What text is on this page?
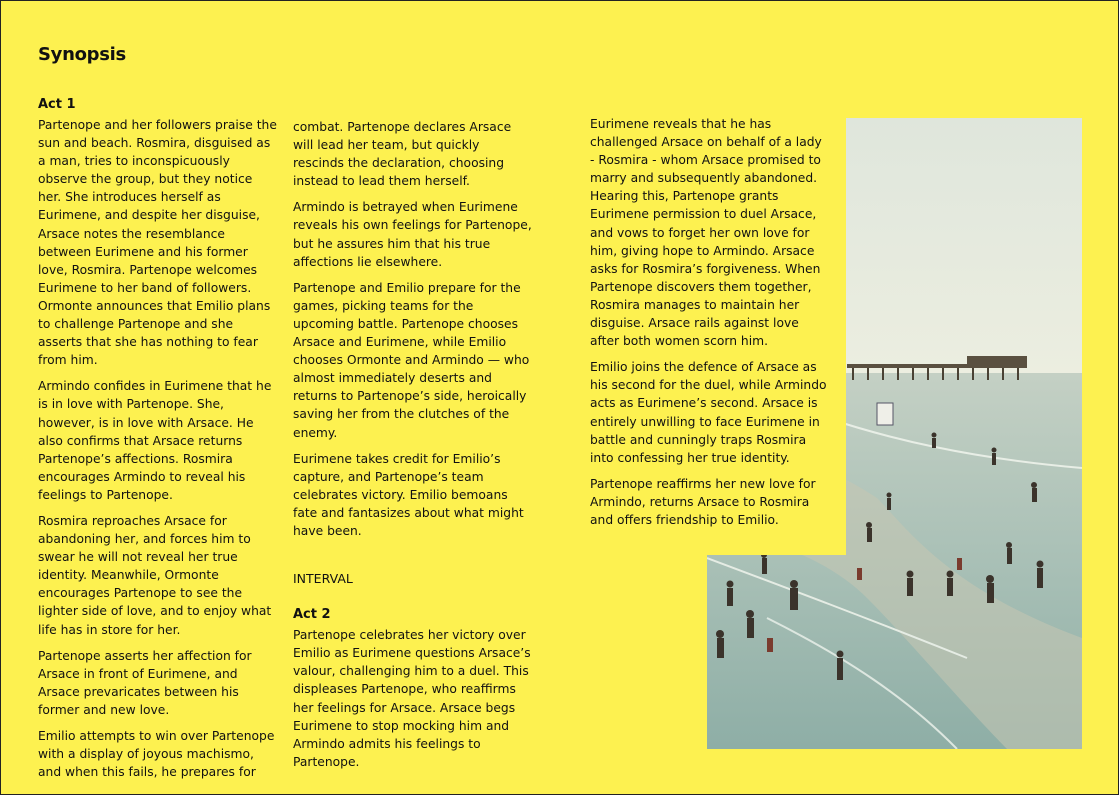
Synopsis
Act 1

Partenope and her followers praise the sun and beach. Rosmira, disguised as a man, tries to inconspicuously observe the group, but they notice her. She introduces herself as Eurimene, and despite her disguise, Arsace notes the resemblance between Eurimene and his former love, Rosmira. Partenope welcomes Eurimene to her band of followers. Ormonte announces that Emilio plans to challenge Partenope and she asserts that she has nothing to fear from him.

Armindo confides in Eurimene that he is in love with Partenope. She, however, is in love with Arsace. He also confirms that Arsace returns Partenope’s affections. Rosmira encourages Armindo to reveal his feelings to Partenope.

Rosmira reproaches Arsace for abandoning her, and forces him to swear he will not reveal her true identity. Meanwhile, Ormonte encourages Partenope to see the lighter side of love, and to enjoy what life has in store for her.

Partenope asserts her affection for Arsace in front of Eurimene, and Arsace prevaricates between his former and new love.

Emilio attempts to win over Partenope with a display of joyous machismo, and when this fails, he prepares for

combat. Partenope declares Arsace will lead her team, but quickly rescinds the declaration, choosing instead to lead them herself.

Armindo is betrayed when Eurimene reveals his own feelings for Partenope, but he assures him that his true affections lie elsewhere.

Partenope and Emilio prepare for the games, picking teams for the upcoming battle. Partenope chooses Arsace and Eurimene, while Emilio chooses Ormonte and Armindo — who almost immediately deserts and returns to Partenope’s side, heroically saving her from the clutches of the enemy.

Eurimene takes credit for Emilio’s capture, and Partenope’s team celebrates victory. Emilio bemoans fate and fantasizes about what might have been.

INTERVAL

Act 2

Partenope celebrates her victory over Emilio as Eurimene questions Arsace’s valour, challenging him to a duel. This displeases Partenope, who reaffirms her feelings for Arsace. Arsace begs Eurimene to stop mocking him and Armindo admits his feelings to Partenope.

Eurimene reveals that he has challenged Arsace on behalf of a lady - Rosmira - whom Arsace promised to marry and subsequently abandoned. Hearing this, Partenope grants Eurimene permission to duel Arsace, and vows to forget her own love for him, giving hope to Armindo. Arsace asks for Rosmira’s forgiveness. When Partenope discovers them together, Rosmira manages to maintain her disguise. Arsace rails against love after both women scorn him.

Emilio joins the defence of Arsace as his second for the duel, while Armindo acts as Eurimene’s second. Arsace is entirely unwilling to face Eurimene in battle and cunningly traps Rosmira into confessing her true identity.

Partenope reaffirms her new love for Armindo, returns Arsace to Rosmira and offers friendship to Emilio.
